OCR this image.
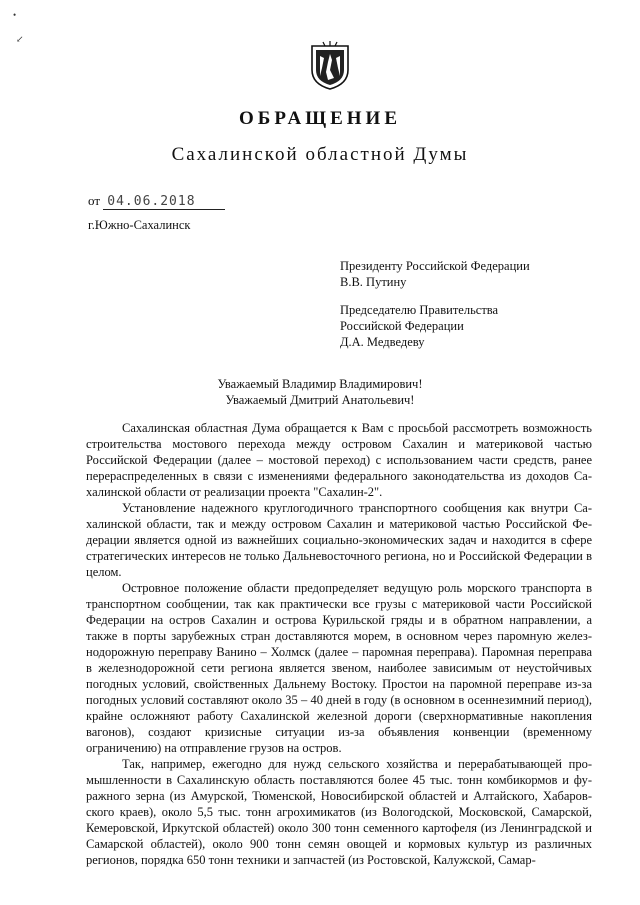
•
↙
ОБРАЩЕНИЕ
Сахалинской областной Думы
от 04.06.2018
г.Южно-Сахалинск
Президенту Российской Федерации
В.В. Путину
Председателю Правительства
Российской Федерации
Д.А. Медведеву
Уважаемый Владимир Владимирович!
Уважаемый Дмитрий Анатольевич!

Сахалинская областная Дума обращается к Вам с просьбой рассмотреть возможность строительства мостового перехода между островом Сахалин и материковой частью Российской Федерации (далее – мостовой переход) с использованием части средств, ранее перераспределенных в связи с изменениями федерального законодательства из доходов Сахалинской области от реализации проекта "Сахалин-2".

Установление надежного круглогодичного транспортного сообщения как внутри Сахалинской области, так и между островом Сахалин и материковой частью Российской Федерации является одной из важнейших социально-экономических задач и находится в сфере стратегических интересов не только Дальневосточного региона, но и Российской Федерации в целом.

Островное положение области предопределяет ведущую роль морского транспорта в транспортном сообщении, так как практически все грузы с материковой части Российской Федерации на остров Сахалин и острова Курильской гряды и в обратном направлении, а также в порты зарубежных стран доставляются морем, в основном через паромную железнодорожную переправу Ванино – Холмск (далее – паромная переправа). Паромная переправа в железнодорожной сети региона является звеном, наиболее зависимым от неустойчивых погодных условий, свойственных Дальнему Востоку. Простои на паромной переправе из-за погодных условий составляют около 35 – 40 дней в году (в основном в осеннезимний период), крайне осложняют работу Сахалинской железной дороги (сверхнормативные накопления вагонов), создают кризисные ситуации из-за объявления конвенции (временному ограничению) на отправление грузов на остров.

Так, например, ежегодно для нужд сельского хозяйства и перерабатывающей промышленности в Сахалинскую область поставляются более 45 тыс. тонн комбикормов и фуражного зерна (из Амурской, Тюменской, Новосибирской областей и Алтайского, Хабаровского краев), около 5,5 тыс. тонн агрохимикатов (из Вологодской, Московской, Самарской, Кемеровской, Иркутской областей) около 300 тонн семенного картофеля (из Ленинградской и Самарской областей), около 900 тонн семян овощей и кормовых культур из различных регионов, порядка 650 тонн техники и запчастей (из Ростовской, Калужской, Самар-
